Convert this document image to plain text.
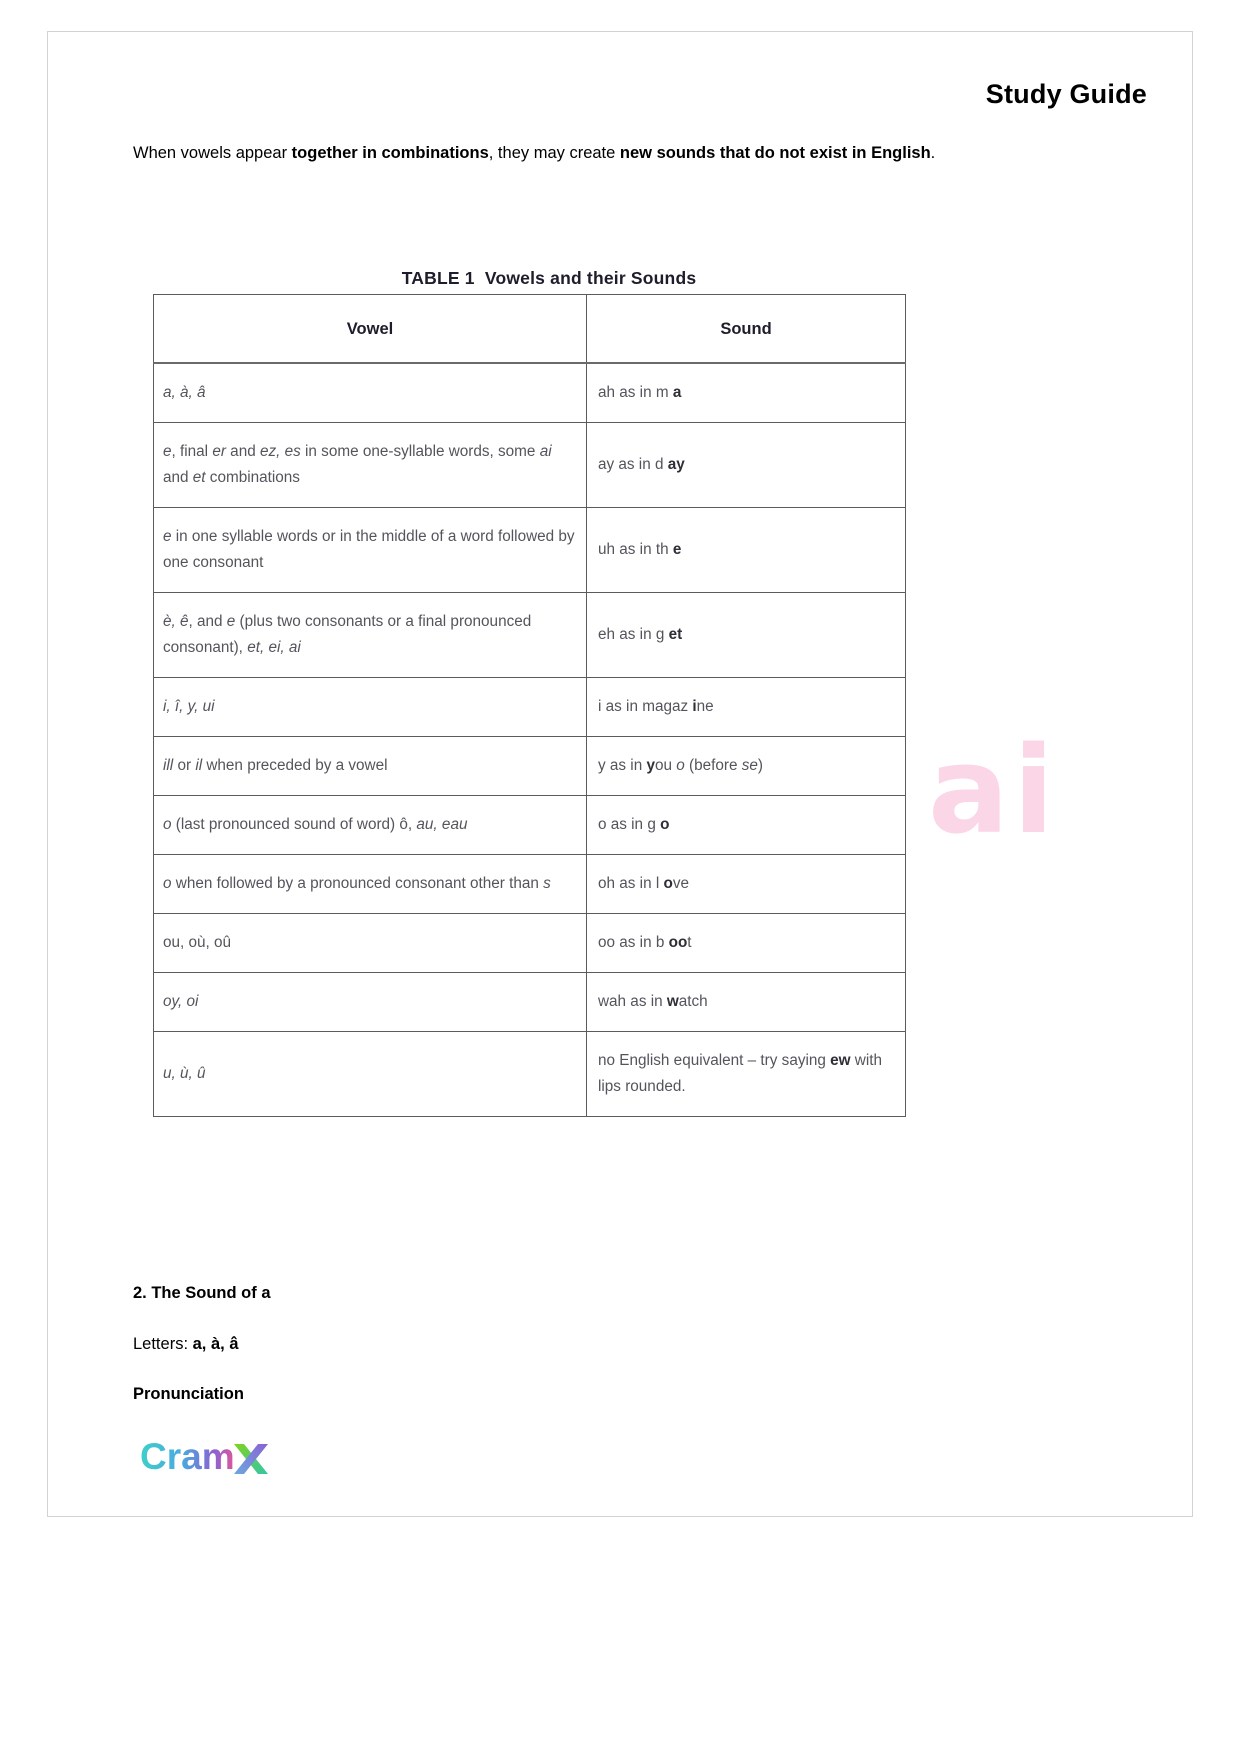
Study Guide
When vowels appear together in combinations, they may create new sounds that do not exist in English.
ai
TABLE 1 Vowels and their Sounds
Vowel	Sound
a, à, â	ah as in m a
e, final er and ez, es in some one-syllable words, some ai and et combinations	ay as in d ay
e in one syllable words or in the middle of a word followed by one consonant	uh as in th e
è, ê, and e (plus two consonants or a final pronounced consonant), et, ei, ai	eh as in g et
i, î, y, ui	i as in magaz ine
ill or il when preceded by a vowel	y as in you o (before se)
o (last pronounced sound of word) ô, au, eau	o as in g o
o when followed by a pronounced consonant other than s	oh as in l ove
ou, où, oû	oo as in b oot
oy, oi	wah as in watch
u, ù, û	no English equivalent – try saying ew with lips rounded.
2. The Sound of a
Letters: a, à, â
Pronunciation
Cram
